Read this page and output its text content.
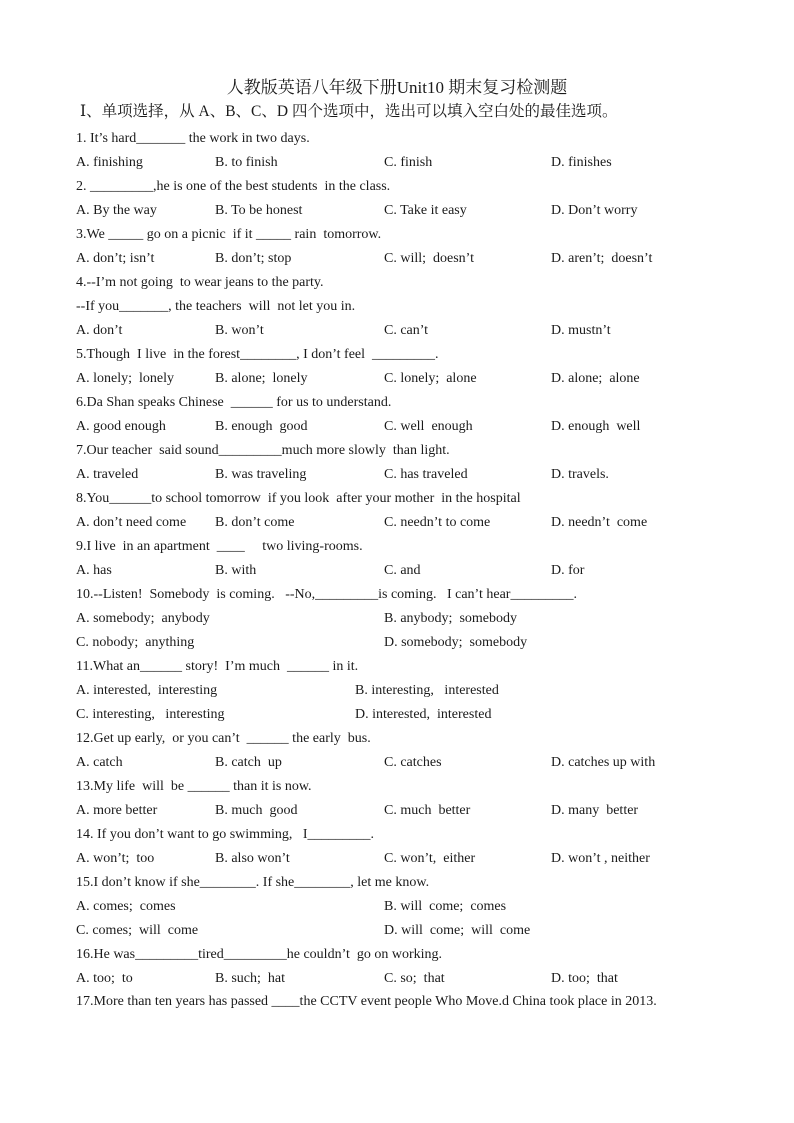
人教版英语八年级下册Unit10 期末复习检测题
Ⅰ、单项选择，从 A、B、C、D 四个选项中，选出可以填入空白处的最佳选项。
1. It’s hard_______ the work in two days.
A. finishing	B. to finish	C. finish	D. finishes
2. _________,he is one of the best students  in the class.
A. By the way	B. To be honest	C. Take it easy	D. Don’t worry
3.We _____ go on a picnic  if it _____ rain  tomorrow.
A. don’t; isn’t	B. don’t; stop	C. will;  doesn’t	D. aren’t;  doesn’t
4.--I’m not going  to wear jeans to the party.
--If you_______, the teachers  will  not let you in.
A. don’t	B. won’t	C. can’t	D. mustn’t
5.Though  I live  in the forest________, I don’t feel  _________.
A. lonely;  lonely	B. alone;  lonely	C. lonely;  alone	D. alone;  alone
6.Da Shan speaks Chinese  ______ for us to understand.
A. good enough	B. enough  good	C. well  enough	D. enough  well
7.Our teacher  said sound_________much more slowly  than light.
A. traveled	B. was traveling	C. has traveled	D. travels.
8.You______to school tomorrow  if you look  after your mother  in the hospital
A. don’t need come B. don’t come	C. needn’t to come	D. needn’t  come
9.I live  in an apartment  ____     two living-rooms.
A. has	B. with	C. and	D. for
10.--Listen!  Somebody  is coming.   --No,_________is coming.   I can’t hear_________.
A. somebody;  anybody	B. anybody;  somebody
C. nobody;  anything	D. somebody;  somebody
11.What an______ story!  I’m much  ______ in it.
A. interested,  interesting	B. interesting,   interested
C. interesting,   interesting	D. interested,  interested
12.Get up early,  or you can’t  ______ the early  bus.
A. catch	B. catch  up	C. catches	D. catches up with
13.My life  will  be ______ than it is now.
A. more better	B. much  good	C. much  better	D. many  better
14. If you don’t want to go swimming,   I_________.
A. won’t;  too	B. also won’t	C. won’t,  either	D. won’t , neither
15.I don’t know if she________. If she________, let me know.
A. comes;  comes	B. will  come;  comes
C. comes;  will  come	D. will  come;  will  come
16.He was_________tired_________he couldn’t  go on working.
A. too;  to	B. such;  hat	C. so;  that	D. too;  that
17.More than ten years has passed ____the CCTV event people Who Move.d China took place in 2013.
